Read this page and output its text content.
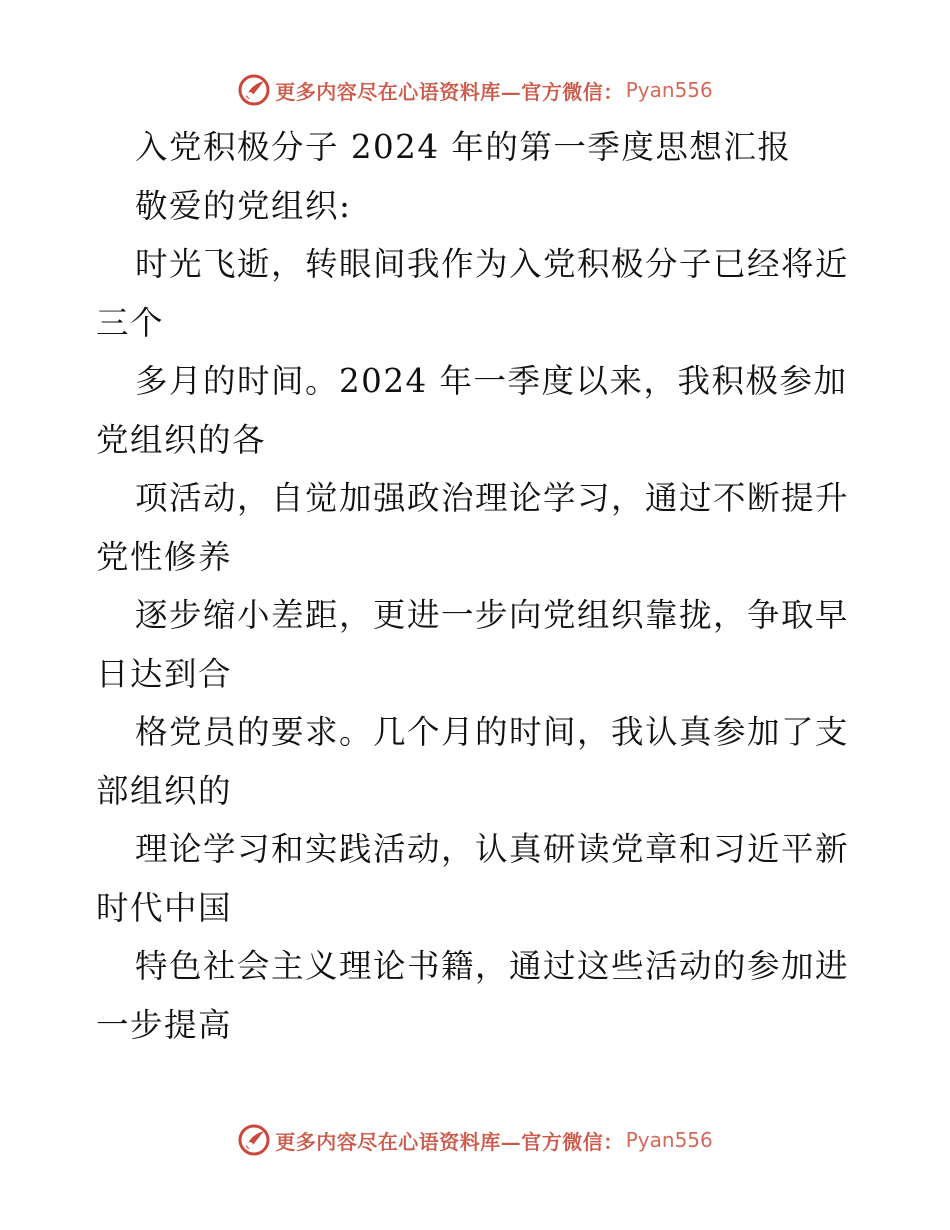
更多内容尽在心语资料库—官方微信： Pyan556
入党积极分子 2024 年的第一季度思想汇报
敬爱的党组织:
时光飞逝，转眼间我作为入党积极分子已经将近
三个
多月的时间。2024 年一季度以来，我积极参加
党组织的各
项活动，自觉加强政治理论学习，通过不断提升
党性修养
逐步缩小差距，更进一步向党组织靠拢，争取早
日达到合
格党员的要求。几个月的时间，我认真参加了支
部组织的
理论学习和实践活动，认真研读党章和习近平新
时代中国
特色社会主义理论书籍，通过这些活动的参加进
一步提高
更多内容尽在心语资料库—官方微信： Pyan556
